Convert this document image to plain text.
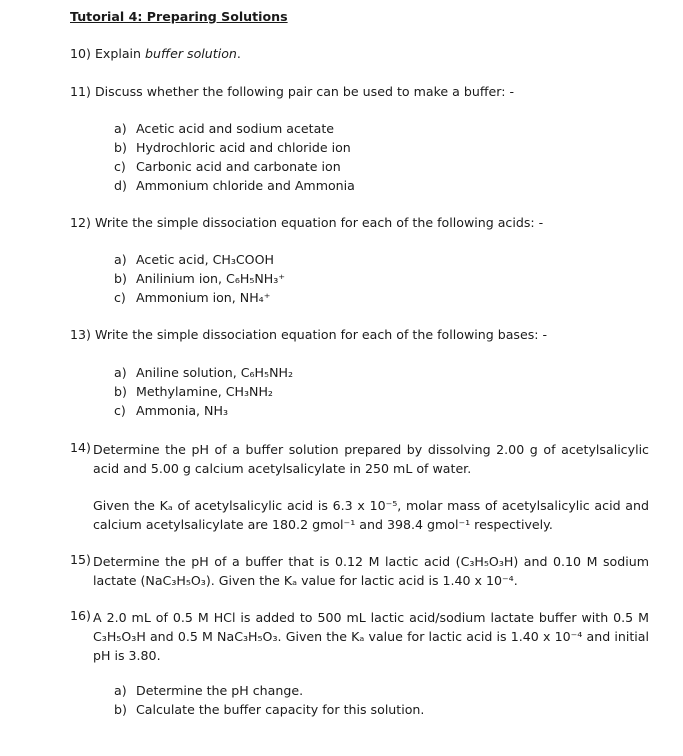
Tutorial 4: Preparing Solutions
10) Explain buffer solution.
11) Discuss whether the following pair can be used to make a buffer: -
a) Acetic acid and sodium acetate
b) Hydrochloric acid and chloride ion
c) Carbonic acid and carbonate ion
d) Ammonium chloride and Ammonia
12) Write the simple dissociation equation for each of the following acids: -
a) Acetic acid, CH₃COOH
b) Anilinium ion, C₆H₅NH₃⁺
c) Ammonium ion, NH₄⁺
13) Write the simple dissociation equation for each of the following bases: -
a) Aniline solution, C₆H₅NH₂
b) Methylamine, CH₃NH₂
c) Ammonia, NH₃
14) Determine the pH of a buffer solution prepared by dissolving 2.00 g of acetylsalicylic acid and 5.00 g calcium acetylsalicylate in 250 mL of water.
Given the Kₐ of acetylsalicylic acid is 6.3 x 10⁻⁵, molar mass of acetylsalicylic acid and calcium acetylsalicylate are 180.2 gmol⁻¹ and 398.4 gmol⁻¹ respectively.
15) Determine the pH of a buffer that is 0.12 M lactic acid (C₃H₅O₃H) and 0.10 M sodium lactate (NaC₃H₅O₃). Given the Kₐ value for lactic acid is 1.40 x 10⁻⁴.
16) A 2.0 mL of 0.5 M HCl is added to 500 mL lactic acid/sodium lactate buffer with 0.5 M C₃H₅O₃H and 0.5 M NaC₃H₅O₃. Given the Kₐ value for lactic acid is 1.40 x 10⁻⁴ and initial pH is 3.80.
a) Determine the pH change.
b) Calculate the buffer capacity for this solution.
